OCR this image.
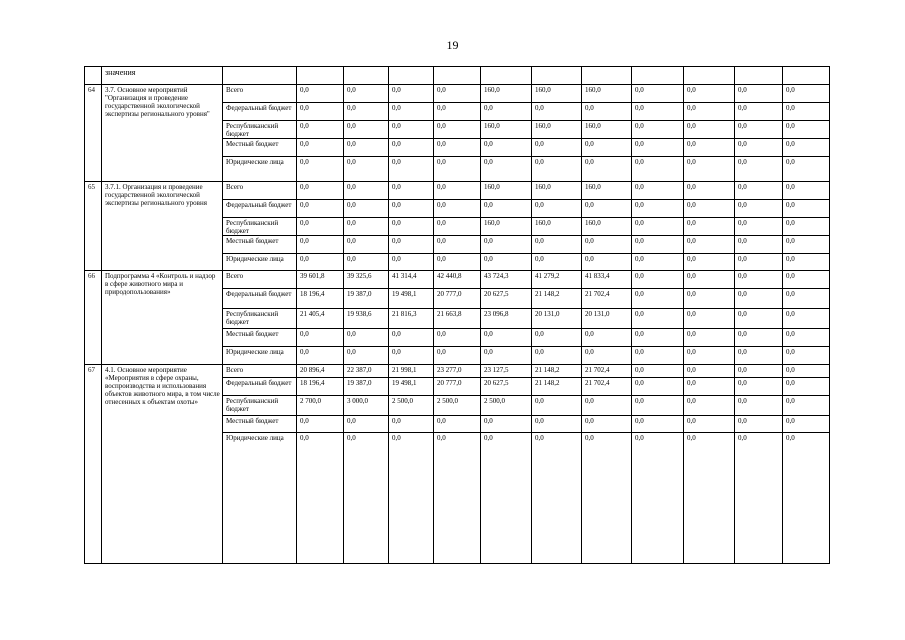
19
	значения												
64	3.7. Основное мероприятий "Организация и проведение государственной экологической экспертизы регионального уровня"	Всего	0,0	0,0	0,0	0,0	160,0	160,0	160,0	0,0	0,0	0,0	0,0
		Федеральный бюджет	0,0	0,0	0,0	0,0	0,0	0,0	0,0	0,0	0,0	0,0	0,0
		Республиканский бюджет	0,0	0,0	0,0	0,0	160,0	160,0	160,0	0,0	0,0	0,0	0,0
		Местный бюджет	0,0	0,0	0,0	0,0	0,0	0,0	0,0	0,0	0,0	0,0	0,0
		Юридические лица	0,0	0,0	0,0	0,0	0,0	0,0	0,0	0,0	0,0	0,0	0,0
65	3.7.1. Организация и проведение государственной экологической экспертизы регионального уровня	Всего	0,0	0,0	0,0	0,0	160,0	160,0	160,0	0,0	0,0	0,0	0,0
		Федеральный бюджет	0,0	0,0	0,0	0,0	0,0	0,0	0,0	0,0	0,0	0,0	0,0
		Республиканский бюджет	0,0	0,0	0,0	0,0	160,0	160,0	160,0	0,0	0,0	0,0	0,0
		Местный бюджет	0,0	0,0	0,0	0,0	0,0	0,0	0,0	0,0	0,0	0,0	0,0
		Юридические лица	0,0	0,0	0,0	0,0	0,0	0,0	0,0	0,0	0,0	0,0	0,0
66	Подпрограмма 4 «Контроль и надзор в сфере животного мира и природопользования»	Всего	39 601,8	39 325,6	41 314,4	42 440,8	43 724,3	41 279,2	41 833,4	0,0	0,0	0,0	0,0
		Федеральный бюджет	18 196,4	19 387,0	19 498,1	20 777,0	20 627,5	21 148,2	21 702,4	0,0	0,0	0,0	0,0
		Республиканский бюджет	21 405,4	19 938,6	21 816,3	21 663,8	23 096,8	20 131,0	20 131,0	0,0	0,0	0,0	0,0
		Местный бюджет	0,0	0,0	0,0	0,0	0,0	0,0	0,0	0,0	0,0	0,0	0,0
		Юридические лица	0,0	0,0	0,0	0,0	0,0	0,0	0,0	0,0	0,0	0,0	0,0
67	4.1. Основное мероприятие «Мероприятия в сфере охраны, воспроизводства и использования объектов животного мира, в том числе отнесенных к объектам охоты»	Всего	20 896,4	22 387,0	21 998,1	23 277,0	23 127,5	21 148,2	21 702,4	0,0	0,0	0,0	0,0
		Федеральный бюджет	18 196,4	19 387,0	19 498,1	20 777,0	20 627,5	21 148,2	21 702,4	0,0	0,0	0,0	0,0
		Республиканский бюджет	2 700,0	3 000,0	2 500,0	2 500,0	2 500,0	0,0	0,0	0,0	0,0	0,0	0,0
		Местный бюджет	0,0	0,0	0,0	0,0	0,0	0,0	0,0	0,0	0,0	0,0	0,0
		Юридические лица	0,0	0,0	0,0	0,0	0,0	0,0	0,0	0,0	0,0	0,0	0,0
